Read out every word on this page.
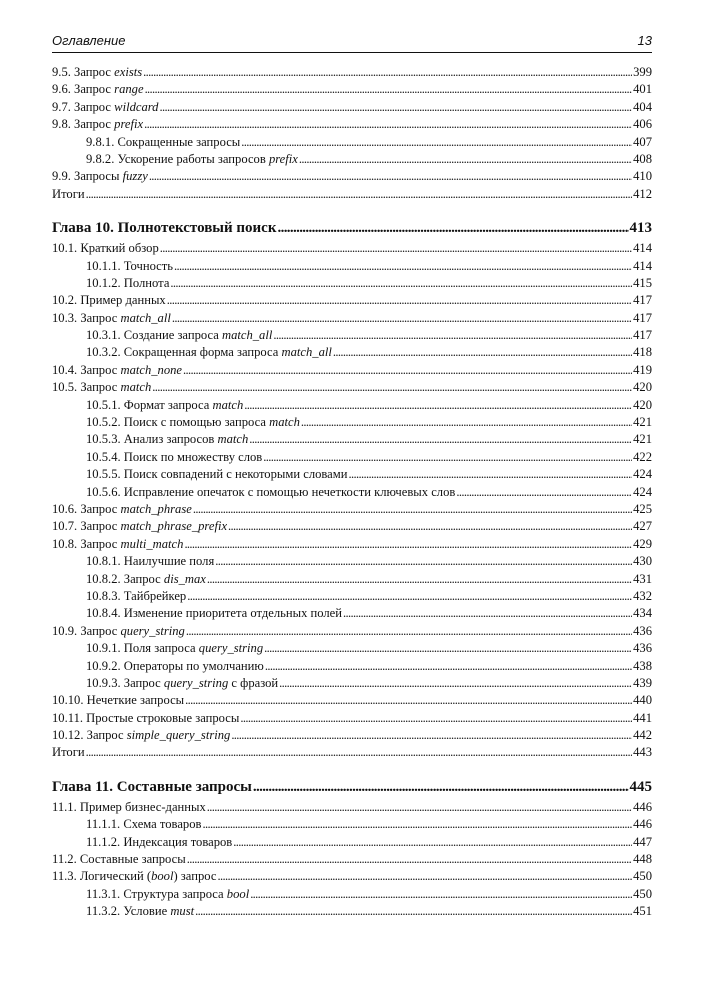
Оглавление	13
9.5. Запрос exists . . .	399
9.6. Запрос range . . .	401
9.7. Запрос wildcard . . .	404
9.8. Запрос prefix . . .	406
9.8.1. Сокращенные запросы . . .	407
9.8.2. Ускорение работы запросов prefix . . .	408
9.9. Запросы fuzzy . . .	410
Итоги . . .	412
Глава 10. Полнотекстовый поиск . . .	413
10.1. Краткий обзор . . .	414
10.1.1. Точность . . .	414
10.1.2. Полнота . . .	415
10.2. Пример данных . . .	417
10.3. Запрос match_all . . .	417
10.3.1. Создание запроса match_all . . .	417
10.3.2. Сокращенная форма запроса match_all . . .	418
10.4. Запрос match_none . . .	419
10.5. Запрос match . . .	420
10.5.1. Формат запроса match . . .	420
10.5.2. Поиск с помощью запроса match . . .	421
10.5.3. Анализ запросов match . . .	421
10.5.4. Поиск по множеству слов . . .	422
10.5.5. Поиск совпадений с некоторыми словами . . .	424
10.5.6. Исправление опечаток с помощью нечеткости ключевых слов . . .	424
10.6. Запрос match_phrase . . .	425
10.7. Запрос match_phrase_prefix . . .	427
10.8. Запрос multi_match . . .	429
10.8.1. Наилучшие поля . . .	430
10.8.2. Запрос dis_max . . .	431
10.8.3. Тайбрейкер . . .	432
10.8.4. Изменение приоритета отдельных полей . . .	434
10.9. Запрос query_string . . .	436
10.9.1. Поля запроса query_string . . .	436
10.9.2. Операторы по умолчанию . . .	438
10.9.3. Запрос query_string с фразой . . .	439
10.10. Нечеткие запросы . . .	440
10.11. Простые строковые запросы . . .	441
10.12. Запрос simple_query_string . . .	442
Итоги . . .	443
Глава 11. Составные запросы . . .	445
11.1. Пример бизнес-данных . . .	446
11.1.1. Схема товаров . . .	446
11.1.2. Индексация товаров . . .	447
11.2. Составные запросы . . .	448
11.3. Логический (bool) запрос . . .	450
11.3.1. Структура запроса bool . . .	450
11.3.2. Условие must . . .	451
